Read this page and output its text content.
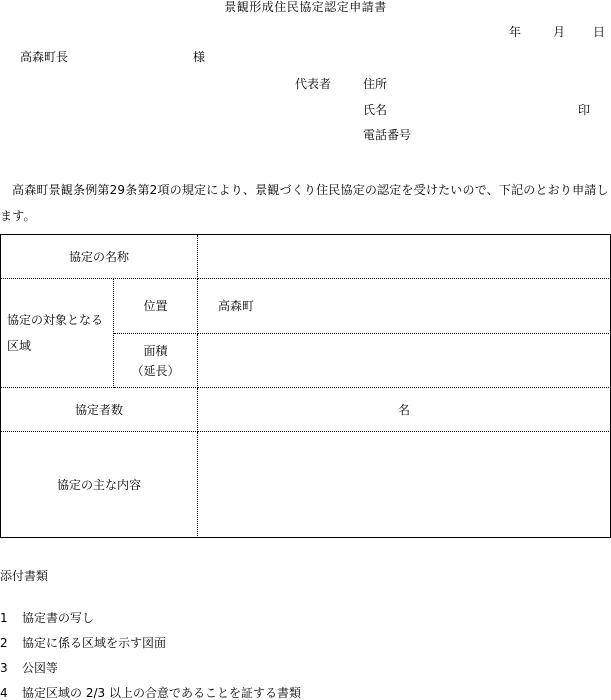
景観形成住民協定認定申請書
年	月 日
高森町長	様
代表者	住所
氏名	印
電話番号
高森町景観条例第29条第2項の規定により、景観づくり住民協定の認定を受けたいので、下記のとおり申請します。
協定の名称
協定の対象となる区域
位置	高森町
面積
（延長）
協定者数	名
協定の主な内容
添付書類
1 協定書の写し
2 協定に係る区域を示す図面
3 公図等
4 協定区域の 2/3 以上の合意であることを証する書類
